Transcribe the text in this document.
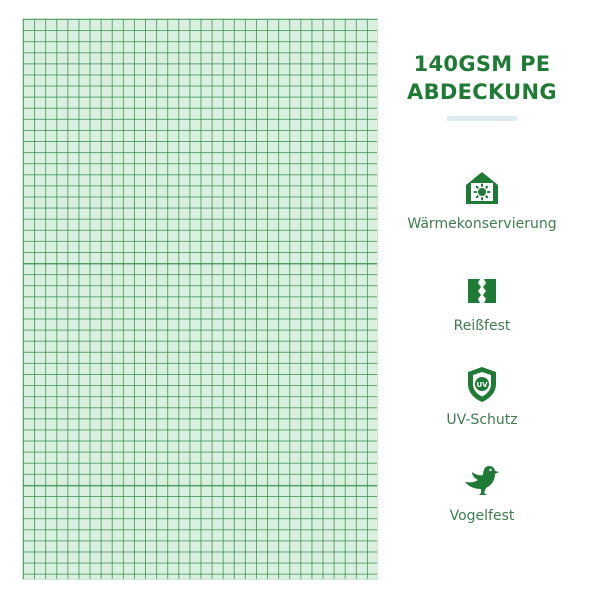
140GSM PE
ABDECKUNG
Wärmekonservierung
Reißfest
UV
UV-Schutz
Vogelfest
